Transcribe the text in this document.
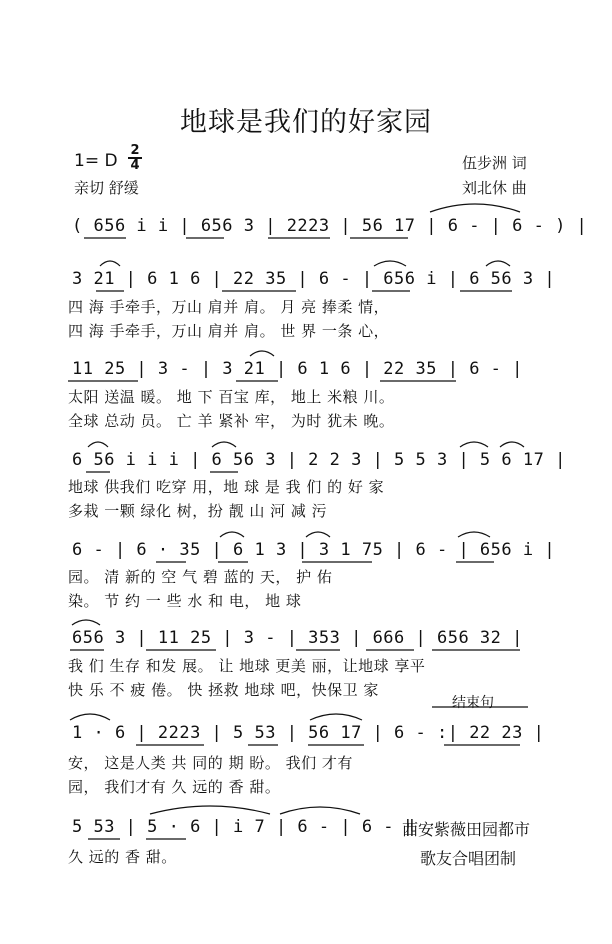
地球是我们的好家园
1= D
2
4
亲切 舒缓
伍步洲 词
刘北休 曲
( 656 i i | 656 3 | 2223 | 56 17 | 6 - | 6 - ) |
3 21 | 6 1 6 | 22 35 | 6 - | 656 i | 6 56 3 |
11 25 | 3 - | 3 21 | 6 1 6 | 22 35 | 6 - |
6 56 i i i | 6 56 3 | 2 2 3 | 5 5 3 | 5 6 17 |
6 - | 6 · 35 | 6 1 3 | 3 1 75 | 6 - | 656 i |
656 3 | 11 25 | 3 - | 353 | 666 | 656 32 |
1 · 6 | 2223 | 5 53 | 56 17 | 6 - :| 22 23 |
5 53 | 5 · 6 | i 7 | 6 - | 6 - ‖
四 海 手牵手，万山 肩并 肩。 月 亮 捧柔 情，
四 海 手牵手，万山 肩并 肩。 世 界 一条 心，
太阳 送温 暖。 地 下 百宝 库， 地上 米粮 川。
全球 总动 员。 亡 羊 紧补 牢， 为时 犹未 晚。
地球 供我们 吃穿 用，地 球 是 我 们 的 好 家
多栽 一颗 绿化 树，扮 靓 山 河 减 污
园。 清 新的 空 气 碧 蓝的 天， 护 佑
染。 节 约 一 些 水 和 电， 地 球
我 们 生存 和发 展。 让 地球 更美 丽，让地球 享平
快 乐 不 疲 倦。 快 拯救 地球 吧，快保卫 家
安， 这是人类 共 同的 期 盼。 我们 才有
园， 我们才有 久 远的 香 甜。
久 远的 香 甜。
结束句
西安紫薇田园都市
歌友合唱团制
